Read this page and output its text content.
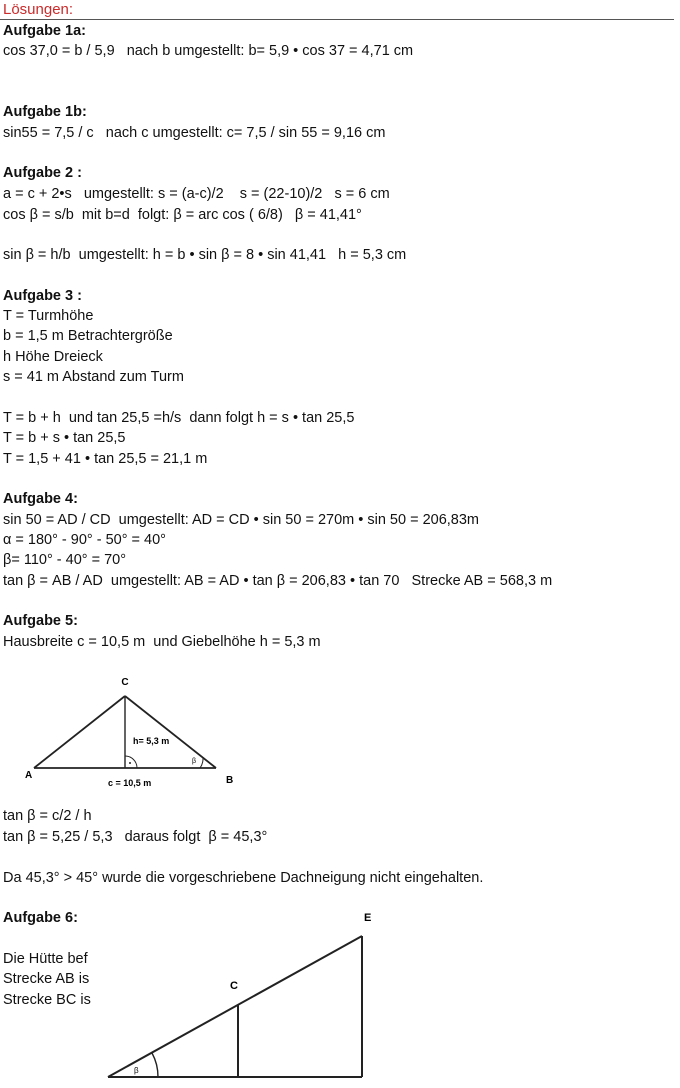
Lösungen:
Aufgabe 1a:
cos 37,0 = b / 5,9   nach b umgestellt: b= 5,9 • cos 37 = 4,71 cm
Aufgabe 1b:
sin55 = 7,5 / c   nach c umgestellt: c= 7,5 / sin 55 = 9,16 cm
Aufgabe 2 :
a = c + 2•s   umgestellt: s = (a-c)/2    s = (22-10)/2   s = 6 cm
cos β = s/b  mit b=d  folgt: β = arc cos ( 6/8)   β = 41,41°
sin β = h/b  umgestellt: h = b • sin β = 8 • sin 41,41   h = 5,3 cm
Aufgabe 3 :
T = Turmhöhe
b = 1,5 m Betrachtergröße
h Höhe Dreieck
s = 41 m Abstand zum Turm
T = b + h  und tan 25,5 =h/s  dann folgt h = s • tan 25,5
T = b + s • tan 25,5
T = 1,5 + 41 • tan 25,5 = 21,1 m
Aufgabe 4:
sin 50 = AD / CD  umgestellt: AD = CD • sin 50 = 270m • sin 50 = 206,83m
α = 180° - 90° - 50° = 40°
β= 110° - 40° = 70°
tan β = AB / AD  umgestellt: AB = AD • tan β = 206,83 • tan 70   Strecke AB = 568,3 m
Aufgabe 5:
Hausbreite c = 10,5 m  und Giebelhöhe h = 5,3 m
C
A	B
h= 5,3 m
c = 10,5 m
β
tan β = c/2 / h
tan β = 5,25 / 5,3   daraus folgt  β = 45,3°
Da 45,3° > 45° wurde die vorgeschriebene Dachneigung nicht eingehalten.
Aufgabe 6:
Die Hütte bef
Strecke AB is
Strecke BC is
E
C
β
